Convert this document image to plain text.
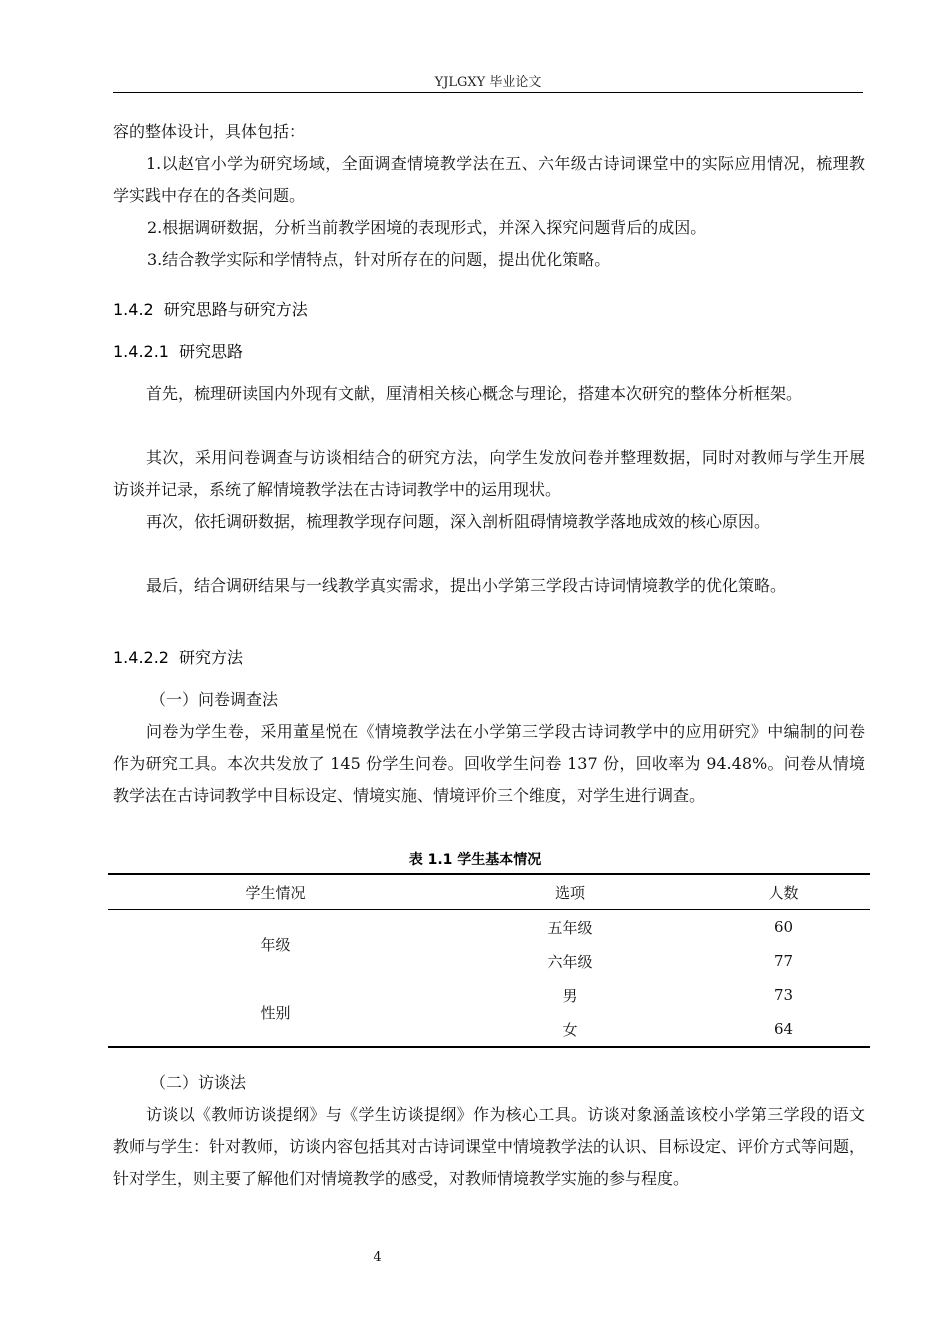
YJLGXY 毕业论文
容的整体设计，具体包括：
1.以赵官小学为研究场域，全面调查情境教学法在五、六年级古诗词课堂中的实际应用情况，梳理教学实践中存在的各类问题。
2.根据调研数据，分析当前教学困境的表现形式，并深入探究问题背后的成因。
3.结合教学实际和学情特点，针对所存在的问题，提出优化策略。
1.4.2 研究思路与研究方法
1.4.2.1 研究思路
首先，梳理研读国内外现有文献，厘清相关核心概念与理论，搭建本次研究的整体分析框架。
其次，采用问卷调查与访谈相结合的研究方法，向学生发放问卷并整理数据，同时对教师与学生开展访谈并记录，系统了解情境教学法在古诗词教学中的运用现状。
再次，依托调研数据，梳理教学现存问题，深入剖析阻碍情境教学落地成效的核心原因。
最后，结合调研结果与一线教学真实需求，提出小学第三学段古诗词情境教学的优化策略。
1.4.2.2 研究方法
（一）问卷调查法
问卷为学生卷，采用董星悦在《情境教学法在小学第三学段古诗词教学中的应用研究》中编制的问卷作为研究工具。本次共发放了 145 份学生问卷。回收学生问卷 137 份，回收率为 94.48%。问卷从情境教学法在古诗词教学中目标设定、情境实施、情境评价三个维度，对学生进行调查。
表 1.1 学生基本情况
学生情况	选项	人数
年级	五年级	60
	六年级	77
性别	男	73
	女	64
（二）访谈法
访谈以《教师访谈提纲》与《学生访谈提纲》作为核心工具。访谈对象涵盖该校小学第三学段的语文教师与学生：针对教师，访谈内容包括其对古诗词课堂中情境教学法的认识、目标设定、评价方式等问题，针对学生，则主要了解他们对情境教学的感受，对教师情境教学实施的参与程度。
4
